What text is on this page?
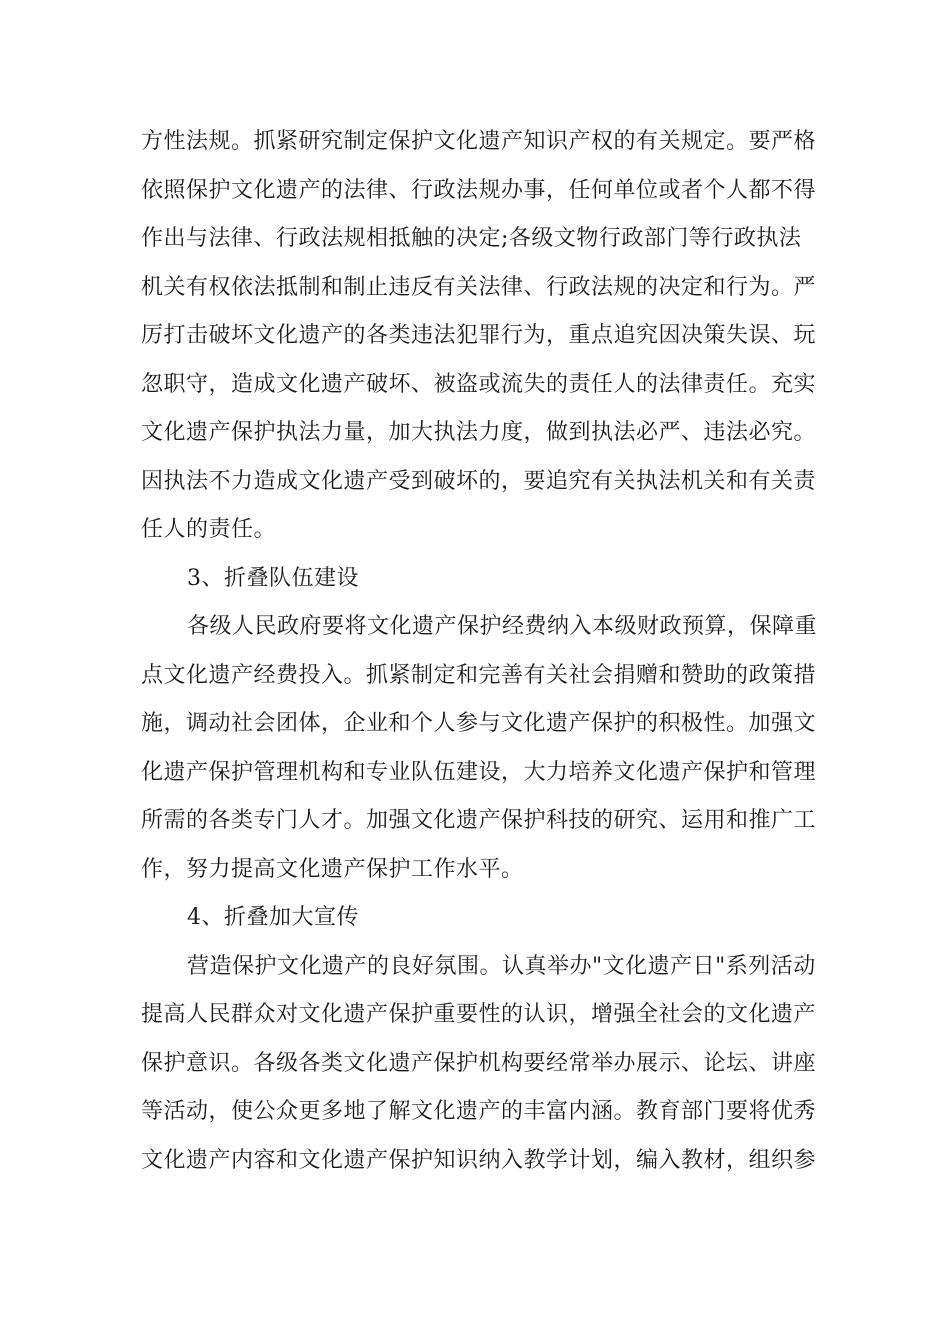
方性法规。抓紧研究制定保护文化遗产知识产权的有关规定。要严格
依照保护文化遗产的法律、行政法规办事，任何单位或者个人都不得
作出与法律、行政法规相抵触的决定;各级文物行政部门等行政执法
机关有权依法抵制和制止违反有关法律、行政法规的决定和行为。严
厉打击破坏文化遗产的各类违法犯罪行为，重点追究因决策失误、玩
忽职守，造成文化遗产破坏、被盗或流失的责任人的法律责任。充实
文化遗产保护执法力量，加大执法力度，做到执法必严、违法必究。
因执法不力造成文化遗产受到破坏的，要追究有关执法机关和有关责
任人的责任。
3、折叠队伍建设
各级人民政府要将文化遗产保护经费纳入本级财政预算，保障重
点文化遗产经费投入。抓紧制定和完善有关社会捐赠和赞助的政策措
施，调动社会团体，企业和个人参与文化遗产保护的积极性。加强文
化遗产保护管理机构和专业队伍建设，大力培养文化遗产保护和管理
所需的各类专门人才。加强文化遗产保护科技的研究、运用和推广工
作，努力提高文化遗产保护工作水平。
4、折叠加大宣传
营造保护文化遗产的良好氛围。认真举办"文化遗产日"系列活动
提高人民群众对文化遗产保护重要性的认识，增强全社会的文化遗产
保护意识。各级各类文化遗产保护机构要经常举办展示、论坛、讲座
等活动，使公众更多地了解文化遗产的丰富内涵。教育部门要将优秀
文化遗产内容和文化遗产保护知识纳入教学计划，编入教材，组织参
